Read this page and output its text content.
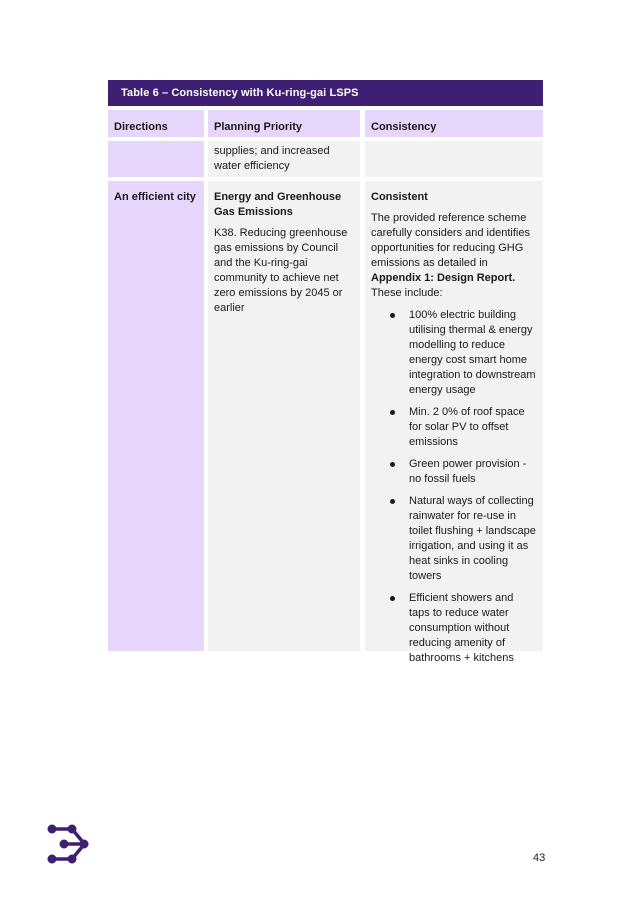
Table 6 – Consistency with Ku-ring-gai LSPS
Directions	Planning Priority	Consistency

supplies; and increased water efficiency

An efficient city Energy and Greenhouse Gas Emissions

K38. Reducing greenhouse gas emissions by Council and the Ku-ring-gai community to achieve net zero emissions by 2045 or earlier

Consistent

The provided reference scheme carefully considers and identifies opportunities for reducing GHG emissions as detailed in Appendix 1: Design Report. These include:

100% electric building utilising thermal & energy modelling to reduce energy cost smart home integration to downstream energy usage
Min. 2 0% of roof space for solar PV to offset emissions
Green power provision - no fossil fuels
Natural ways of collecting rainwater for re-use in toilet flushing + landscape irrigation, and using it as heat sinks in cooling towers
Efficient showers and taps to reduce water consumption without reducing amenity of bathrooms + kitchens
43
